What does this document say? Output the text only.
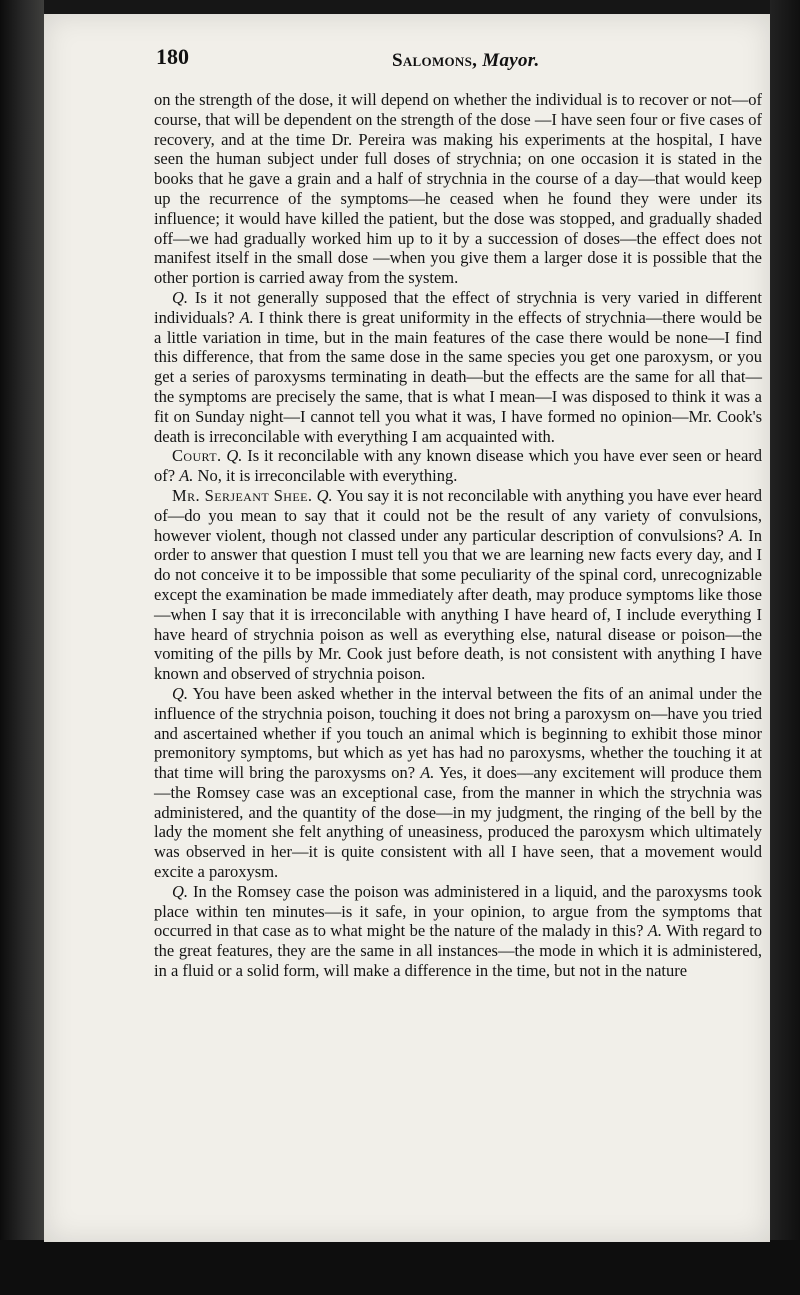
180	Salomons, Mayor.

on the strength of the dose, it will depend on whether the individual is to recover or not—of course, that will be dependent on the strength of the dose —I have seen four or five cases of recovery, and at the time Dr. Pereira was making his experiments at the hospital, I have seen the human subject under full doses of strychnia; on one occasion it is stated in the books that he gave a grain and a half of strychnia in the course of a day—that would keep up the recurrence of the symptoms—he ceased when he found they were under its influence; it would have killed the patient, but the dose was stopped, and gradually shaded off—we had gradually worked him up to it by a succession of doses—the effect does not manifest itself in the small dose —when you give them a larger dose it is possible that the other portion is carried away from the system.

Q. Is it not generally supposed that the effect of strychnia is very varied in different individuals? A. I think there is great uniformity in the effects of strychnia—there would be a little variation in time, but in the main features of the case there would be none—I find this difference, that from the same dose in the same species you get one paroxysm, or you get a series of paroxysms terminating in death—but the effects are the same for all that—the symptoms are precisely the same, that is what I mean—I was disposed to think it was a fit on Sunday night—I cannot tell you what it was, I have formed no opinion—Mr. Cook's death is irreconcilable with everything I am acquainted with.

Court. Q. Is it reconcilable with any known disease which you have ever seen or heard of? A. No, it is irreconcilable with everything.

Mr. Serjeant Shee. Q. You say it is not reconcilable with anything you have ever heard of—do you mean to say that it could not be the result of any variety of convulsions, however violent, though not classed under any particular description of convulsions? A. In order to answer that question I must tell you that we are learning new facts every day, and I do not conceive it to be impossible that some peculiarity of the spinal cord, unrecognizable except the examination be made immediately after death, may produce symptoms like those—when I say that it is irreconcilable with anything I have heard of, I include everything I have heard of strychnia poison as well as everything else, natural disease or poison—the vomiting of the pills by Mr. Cook just before death, is not consistent with anything I have known and observed of strychnia poison.

Q. You have been asked whether in the interval between the fits of an animal under the influence of the strychnia poison, touching it does not bring a paroxysm on—have you tried and ascertained whether if you touch an animal which is beginning to exhibit those minor premonitory symptoms, but which as yet has had no paroxysms, whether the touching it at that time will bring the paroxysms on? A. Yes, it does—any excitement will produce them—the Romsey case was an exceptional case, from the manner in which the strychnia was administered, and the quantity of the dose—in my judgment, the ringing of the bell by the lady the moment she felt anything of uneasiness, produced the paroxysm which ultimately was observed in her—it is quite consistent with all I have seen, that a movement would excite a paroxysm.

Q. In the Romsey case the poison was administered in a liquid, and the paroxysms took place within ten minutes—is it safe, in your opinion, to argue from the symptoms that occurred in that case as to what might be the nature of the malady in this? A. With regard to the great features, they are the same in all instances—the mode in which it is administered, in a fluid or a solid form, will make a difference in the time, but not in the nature
